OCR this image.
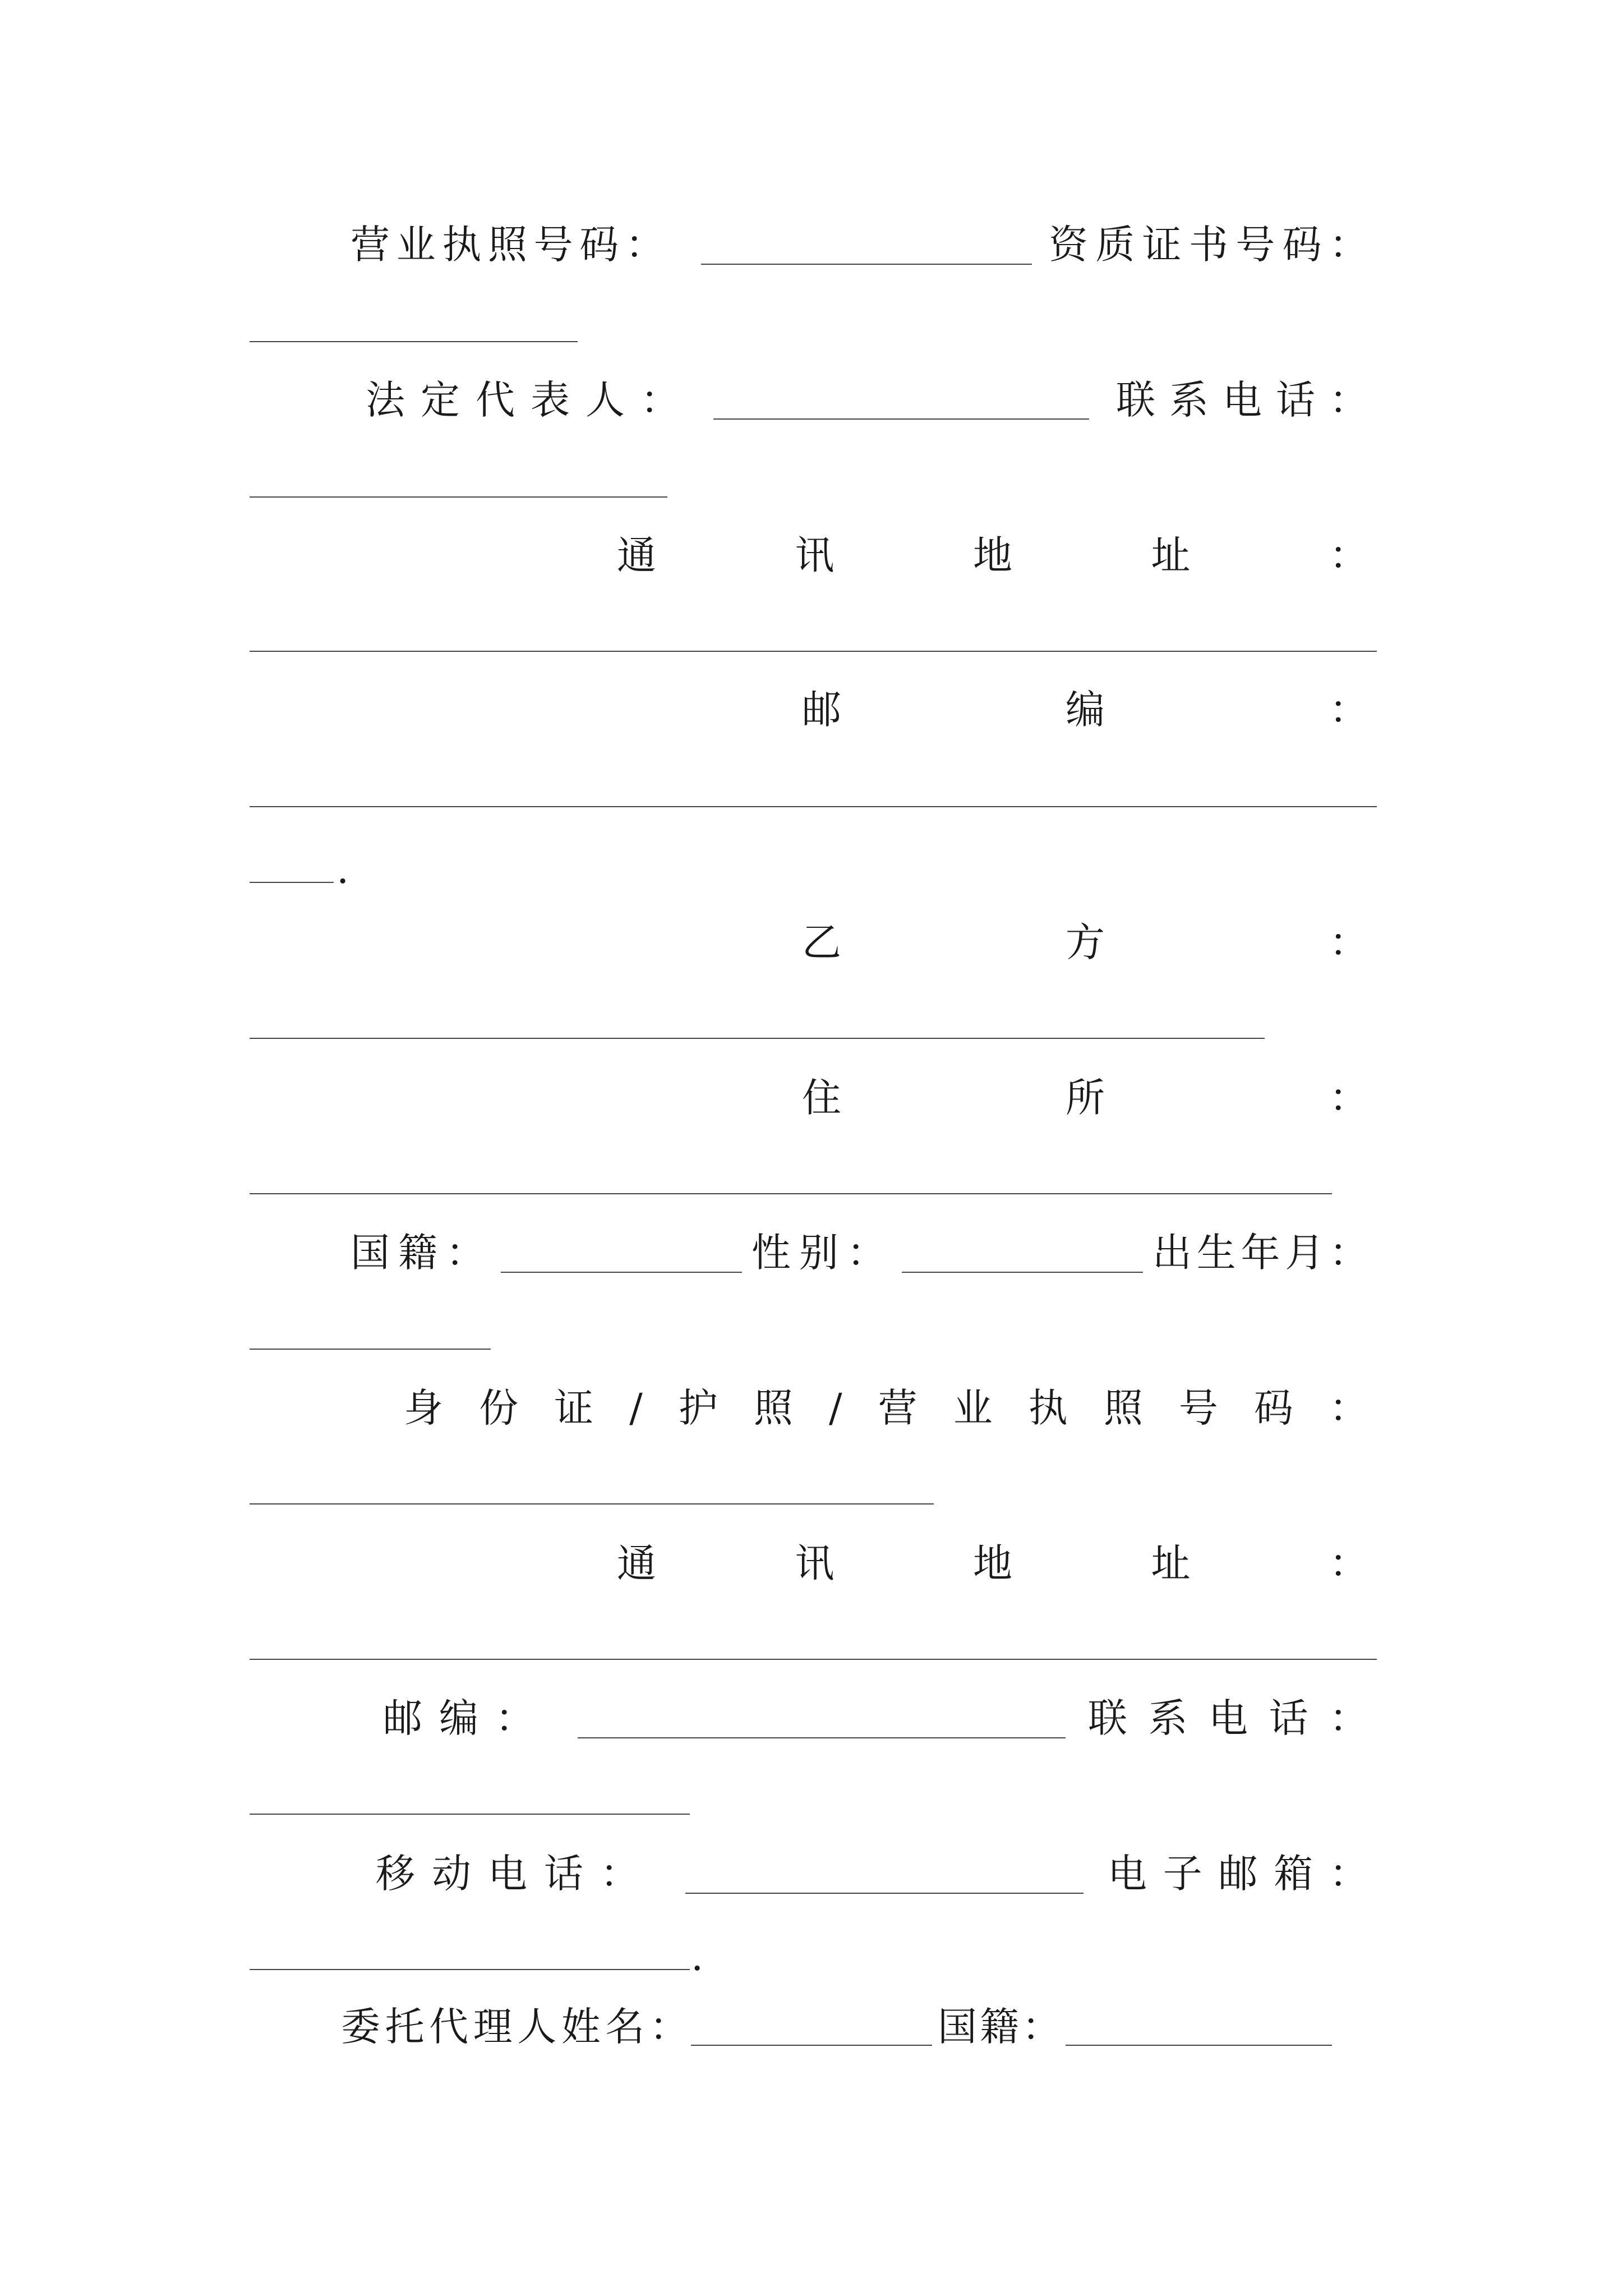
营 业 执 照 号 码 ：	资 质 证 书 号 码 ：
法 定 代 表 人 ：	联 系 电 话 ：
通	讯	地	址	：
邮	编	：
.
乙	方	：
住	所	：
国 籍 ：	性 别 ：	出 生 年 月 ：
身 份 证 / 护 照 / 营 业 执 照 号 码 ：
通	讯	地	址	：
邮 编 ：	联 系 电 话 ：
移 动 电 话 ：	电 子 邮 箱 ：
.
委 托 代 理 人 姓 名 ：	国 籍 ：
